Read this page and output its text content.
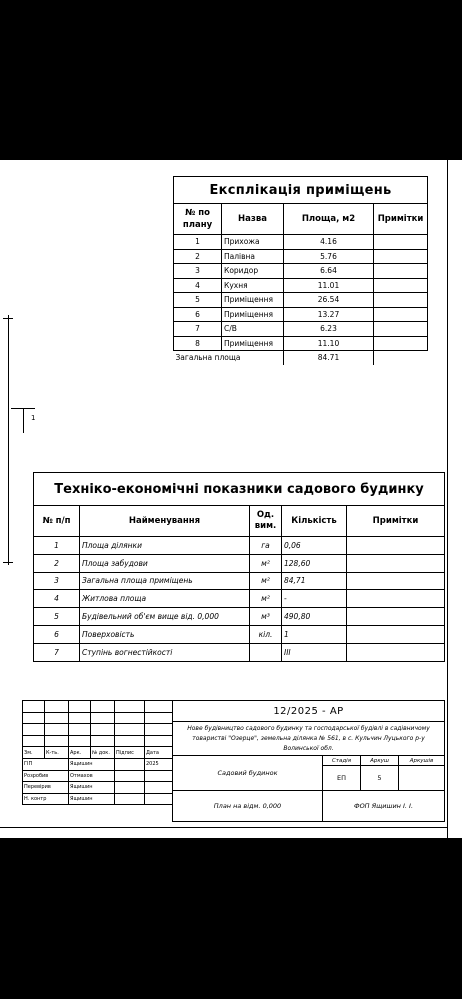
1
Експлікація приміщень			
№ по плану	Назва	Площа, м2	Примітки
1	Прихожа	4.16	
2	Палівна	5.76	
3	Коридор	6.64	
4	Кухня	11.01	
5	Приміщення	26.54	
6	Приміщення	13.27	
7	С/В	6.23	
8	Приміщення	11.10	
Загальна площа		84.71	
Техніко-економічні показники садового будинку				
№ п/п	Найменування	Од. вим.	Кількість	Примітки
1	Площа ділянки	га	0,06	
2	Площа забудови	м²	128,60	
3	Загальна площа приміщень	м²	84,71	
4	Житлова площа	м²	-	
5	Будівельний об'єм вище від. 0,000	м³	490,80	
6	Поверховість	кіл.	1	
7	Ступінь вогнестійкості		III	

Зм.	К-ть.	Арк.	№ док.	Підпис	Дата
ГІП		Ящишин			2025
Розробив		Отмахов			
Перевірив		Ящишин			
Н. контр		Ящишин			
12/2025 - АР			
Нове будівництво садового будинку та господарської будівлі в садівничому товаристві "Озерце", земельна ділянка № 561, в с. Кульчин Луцького р-у Волинської обл.			
Садовий будинок	Стадія	Аркуш	Аркушів
	ЕП	5	
План на відм. 0,000	ФОП Ящишин І. І.		
